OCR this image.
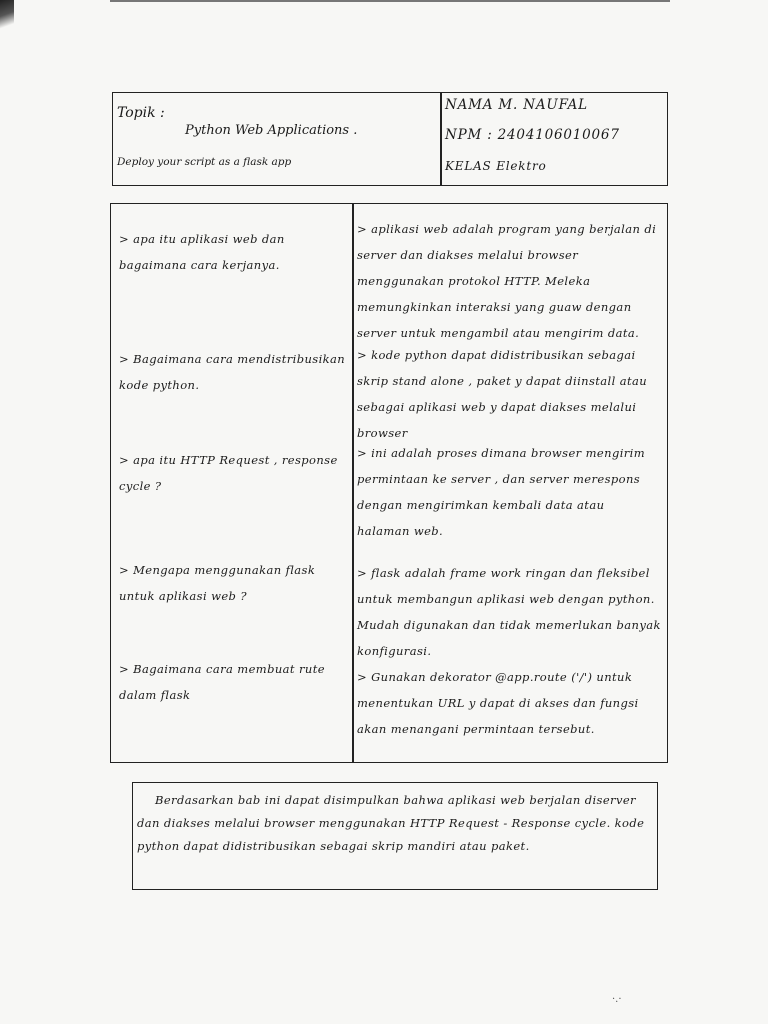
Topik :
Python Web Applications .
Deploy your script as a flask app
NAMA M. NAUFAL
NPM : 2404106010067
KELAS Elektro
> apa itu aplikasi web dan bagaimana cara kerjanya.
> aplikasi web adalah program yang berjalan di server dan diakses melalui browser menggunakan protokol HTTP. Meleka memungkinkan interaksi yang guaw dengan server untuk mengambil atau mengirim data.
> Bagaimana cara mendistribusikan kode python.
> kode python dapat didistribusikan sebagai skrip stand alone , paket y dapat diinstall atau sebagai aplikasi web y dapat diakses melalui browser
> apa itu HTTP Request , response cycle ?
> ini adalah proses dimana browser mengirim permintaan ke server , dan server merespons dengan mengirimkan kembali data atau halaman web.
> Mengapa menggunakan flask untuk aplikasi web ?
> flask adalah frame work ringan dan fleksibel untuk membangun aplikasi web dengan python. Mudah digunakan dan tidak memerlukan banyak konfigurasi.
> Bagaimana cara membuat rute dalam flask
> Gunakan dekorator @app.route ('/') untuk menentukan URL y dapat di akses dan fungsi akan menangani permintaan tersebut.
Berdasarkan bab ini dapat disimpulkan bahwa aplikasi web berjalan diserver dan diakses melalui browser menggunakan HTTP Request - Response cycle. kode python dapat didistribusikan sebagai skrip mandiri atau paket.
·.·
